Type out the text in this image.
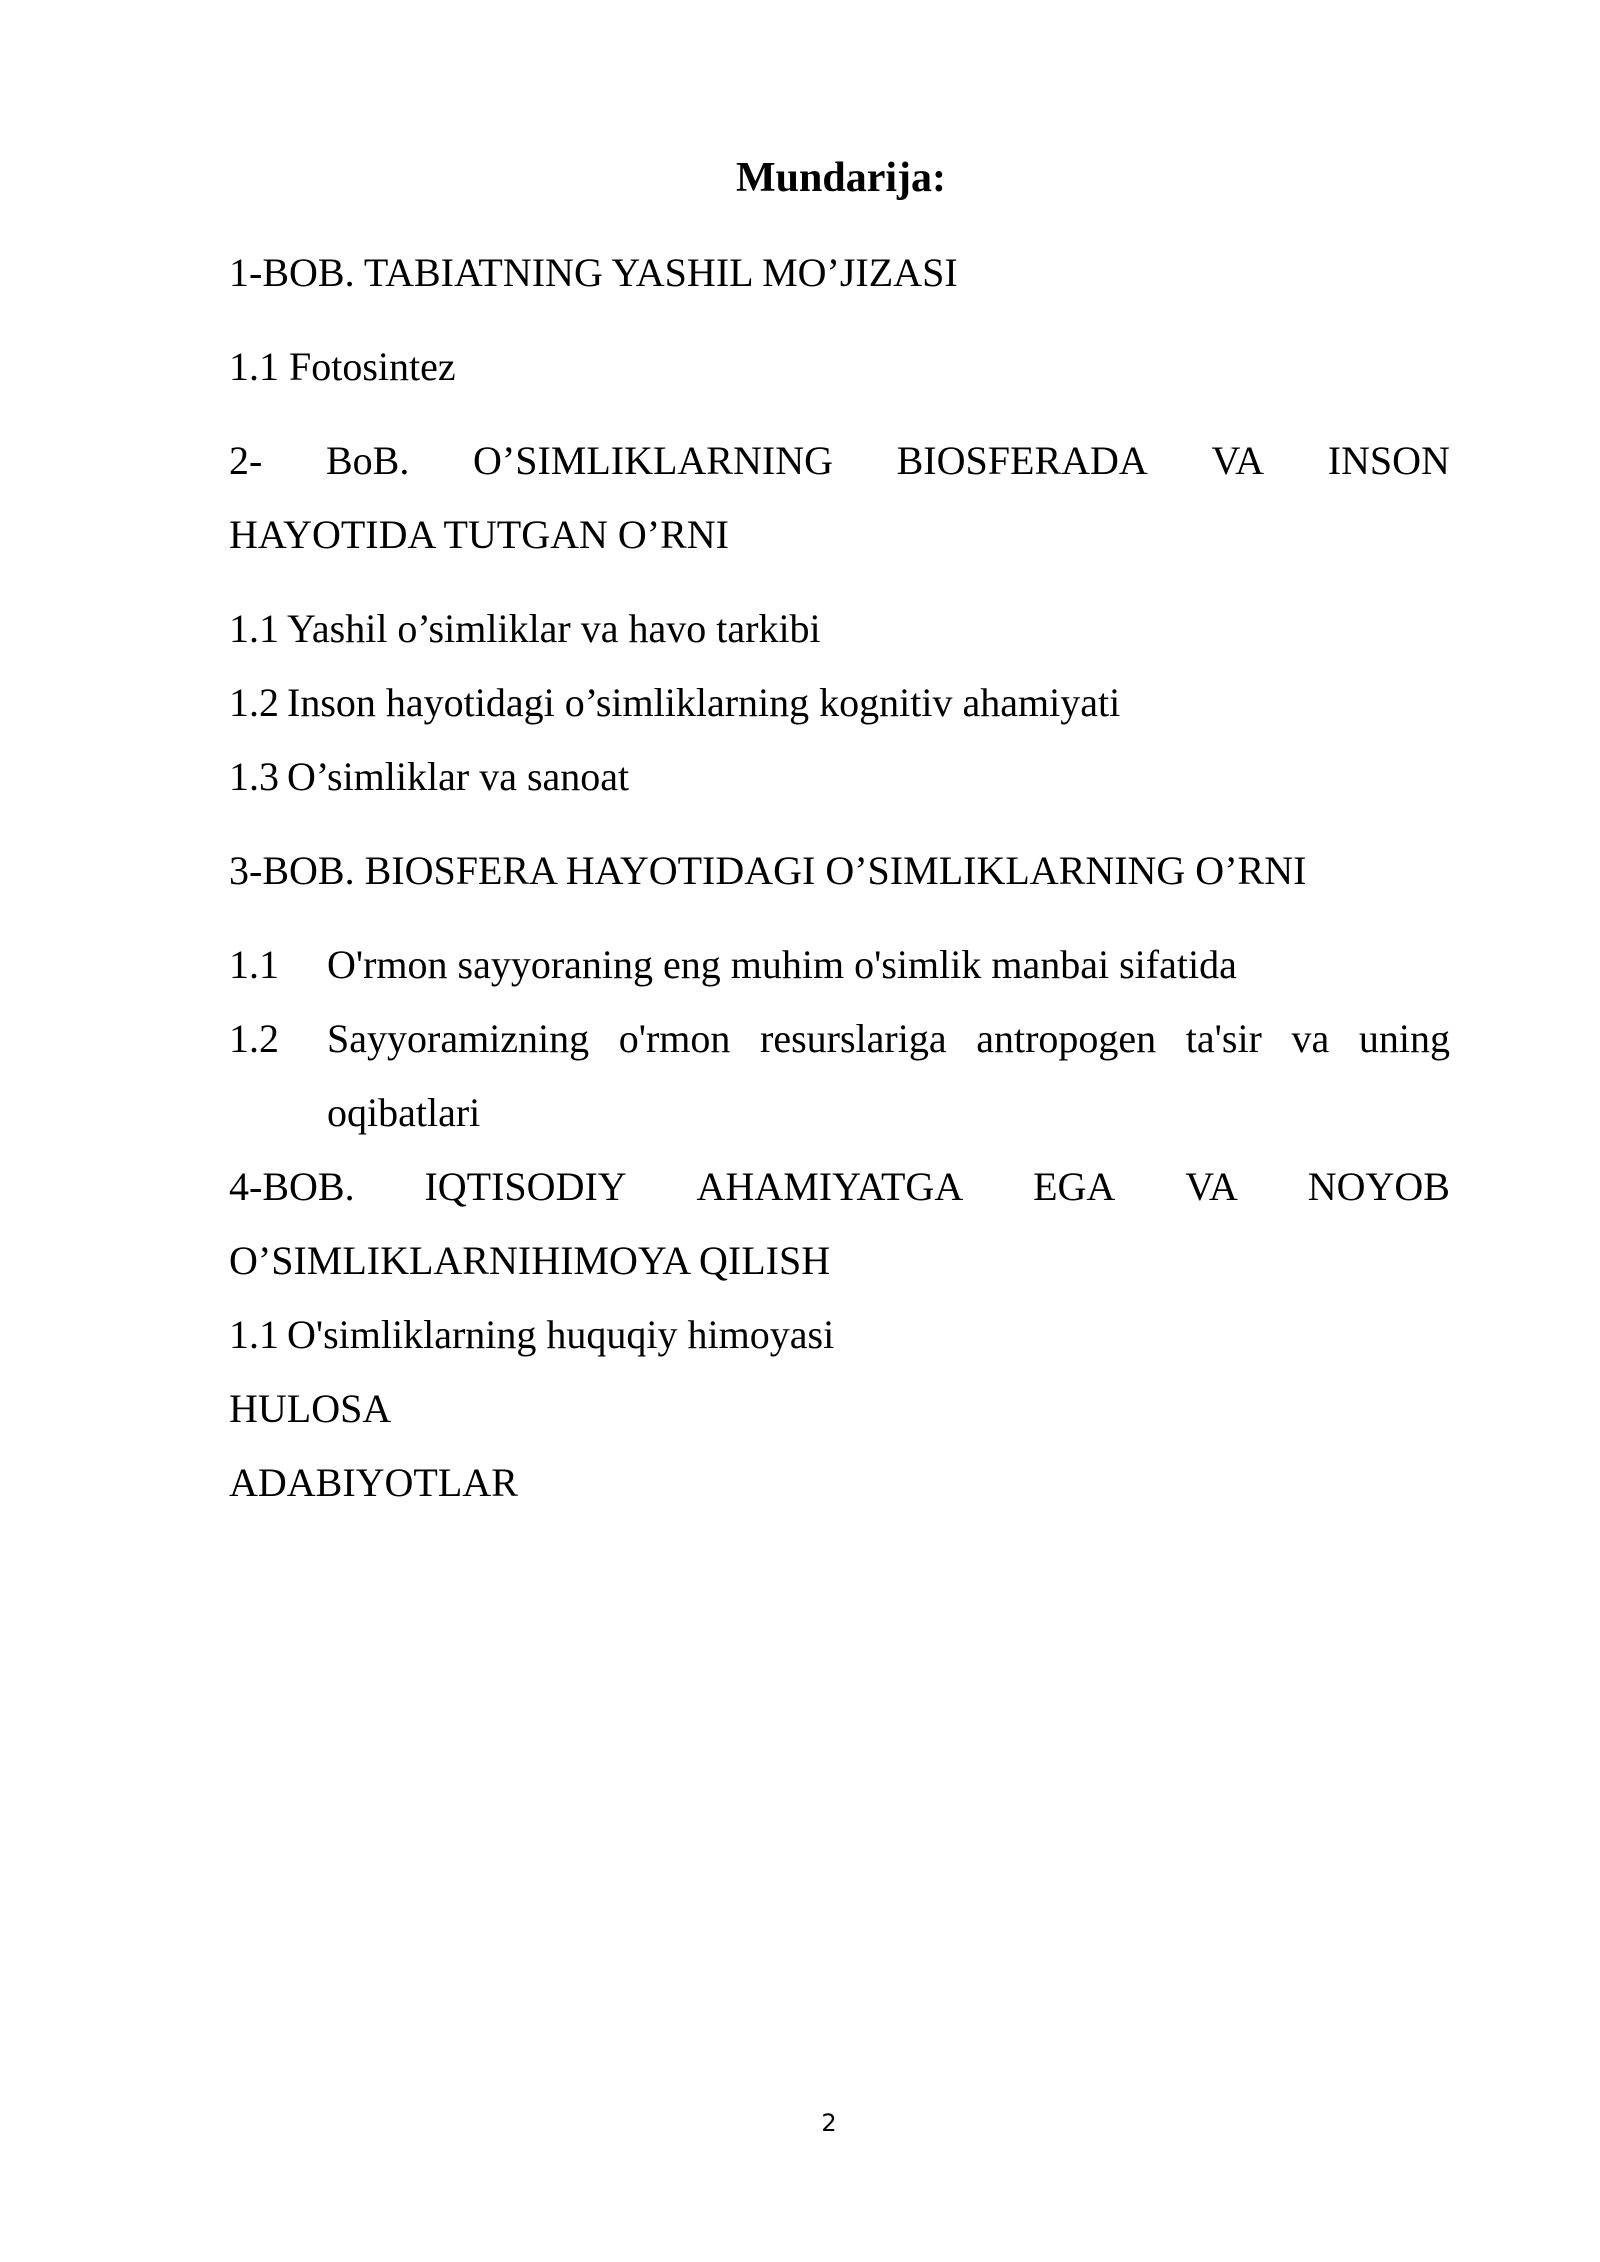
Mundarija:
1-BOB. TABIATNING YASHIL MO’JIZASI
1.1 Fotosintez
2- BoB. O’SIMLIKLARNING BIOSFERADA VA INSON
HAYOTIDA TUTGAN O’RNI
1.1 Yashil o’simliklar va havo tarkibi
1.2 Inson hayotidagi o’simliklarning kognitiv ahamiyati
1.3 O’simliklar va sanoat
3-BOB. BIOSFERA HAYOTIDAGI O’SIMLIKLARNING O’RNI
1.1 O'rmon sayyoraning eng muhim o'simlik manbai sifatida
1.2	Sayyoramizning o'rmon resurslariga antropogen ta'sir va uning
oqibatlari
4-BOB. IQTISODIY AHAMIYATGA EGA VA NOYOB
O’SIMLIKLARNIHIMOYA QILISH
1.1 O'simliklarning huquqiy himoyasi
HULOSA
ADABIYOTLAR
2
